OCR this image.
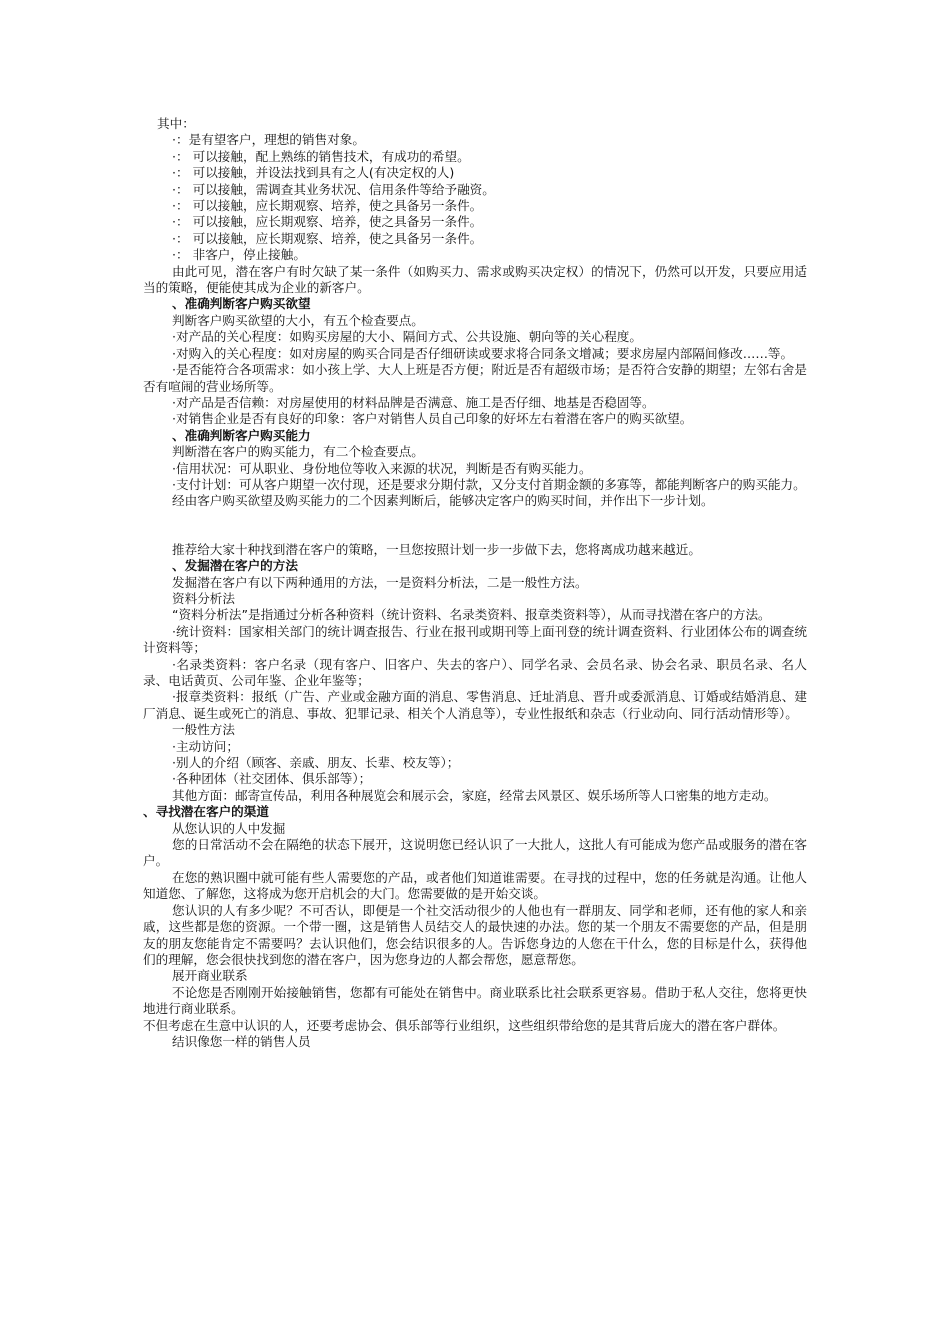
其中：

·：是有望客户，理想的销售对象。

·： 可以接触，配上熟练的销售技术，有成功的希望。

·： 可以接触，并设法找到具有之人(有决定权的人)

·： 可以接触，需调查其业务状况、信用条件等给予融资。

·： 可以接触，应长期观察、培养，使之具备另一条件。

·： 可以接触，应长期观察、培养，使之具备另一条件。

·： 可以接触，应长期观察、培养，使之具备另一条件。

·： 非客户，停止接触。

由此可见，潜在客户有时欠缺了某一条件（如购买力、需求或购买决定权）的情况下，仍然可以开发，只要应用适当的策略，便能使其成为企业的新客户。

、准确判断客户购买欲望

判断客户购买欲望的大小，有五个检查要点。

·对产品的关心程度：如购买房屋的大小、隔间方式、公共设施、朝向等的关心程度。

·对购入的关心程度：如对房屋的购买合同是否仔细研读或要求将合同条文增减；要求房屋内部隔间修改……等。

·是否能符合各项需求：如小孩上学、大人上班是否方便；附近是否有超级市场；是否符合安静的期望；左邻右舍是否有喧闹的营业场所等。

·对产品是否信赖：对房屋使用的材料品牌是否满意、施工是否仔细、地基是否稳固等。

·对销售企业是否有良好的印象：客户对销售人员自己印象的好坏左右着潜在客户的购买欲望。

、准确判断客户购买能力

判断潜在客户的购买能力，有二个检查要点。

·信用状况：可从职业、身份地位等收入来源的状况，判断是否有购买能力。

·支付计划：可从客户期望一次付现，还是要求分期付款，又分支付首期金额的多寡等，都能判断客户的购买能力。

经由客户购买欲望及购买能力的二个因素判断后，能够决定客户的购买时间，并作出下一步计划。

推荐给大家十种找到潜在客户的策略，一旦您按照计划一步一步做下去，您将离成功越来越近。

、发掘潜在客户的方法

发掘潜在客户有以下两种通用的方法，一是资料分析法，二是一般性方法。

资料分析法

“资料分析法”是指通过分析各种资料（统计资料、名录类资料、报章类资料等），从而寻找潜在客户的方法。

·统计资料：国家相关部门的统计调查报告、行业在报刊或期刊等上面刊登的统计调查资料、行业团体公布的调查统计资料等；

·名录类资料：客户名录（现有客户、旧客户、失去的客户）、同学名录、会员名录、协会名录、职员名录、名人录、电话黄页、公司年鉴、企业年鉴等；

·报章类资料：报纸（广告、产业或金融方面的消息、零售消息、迁址消息、晋升或委派消息、订婚或结婚消息、建厂消息、诞生或死亡的消息、事故、犯罪记录、相关个人消息等），专业性报纸和杂志（行业动向、同行活动情形等）。

一般性方法

·主动访问；

·别人的介绍（顾客、亲戚、朋友、长辈、校友等）；

·各种团体（社交团体、俱乐部等）；

其他方面：邮寄宣传品，利用各种展览会和展示会，家庭，经常去风景区、娱乐场所等人口密集的地方走动。

、寻找潜在客户的渠道

从您认识的人中发掘

您的日常活动不会在隔绝的状态下展开，这说明您已经认识了一大批人，这批人有可能成为您产品或服务的潜在客户。

在您的熟识圈中就可能有些人需要您的产品，或者他们知道谁需要。在寻找的过程中，您的任务就是沟通。让他人知道您、了解您，这将成为您开启机会的大门。您需要做的是开始交谈。

您认识的人有多少呢？不可否认，即便是一个社交活动很少的人他也有一群朋友、同学和老师，还有他的家人和亲戚，这些都是您的资源。一个带一圈，这是销售人员结交人的最快速的办法。您的某一个朋友不需要您的产品，但是朋友的朋友您能肯定不需要吗？去认识他们，您会结识很多的人。告诉您身边的人您在干什么，您的目标是什么，获得他们的理解，您会很快找到您的潜在客户，因为您身边的人都会帮您，愿意帮您。

展开商业联系

不论您是否刚刚开始接触销售，您都有可能处在销售中。商业联系比社会联系更容易。借助于私人交往，您将更快地进行商业联系。

不但考虑在生意中认识的人，还要考虑协会、俱乐部等行业组织，这些组织带给您的是其背后庞大的潜在客户群体。

结识像您一样的销售人员
